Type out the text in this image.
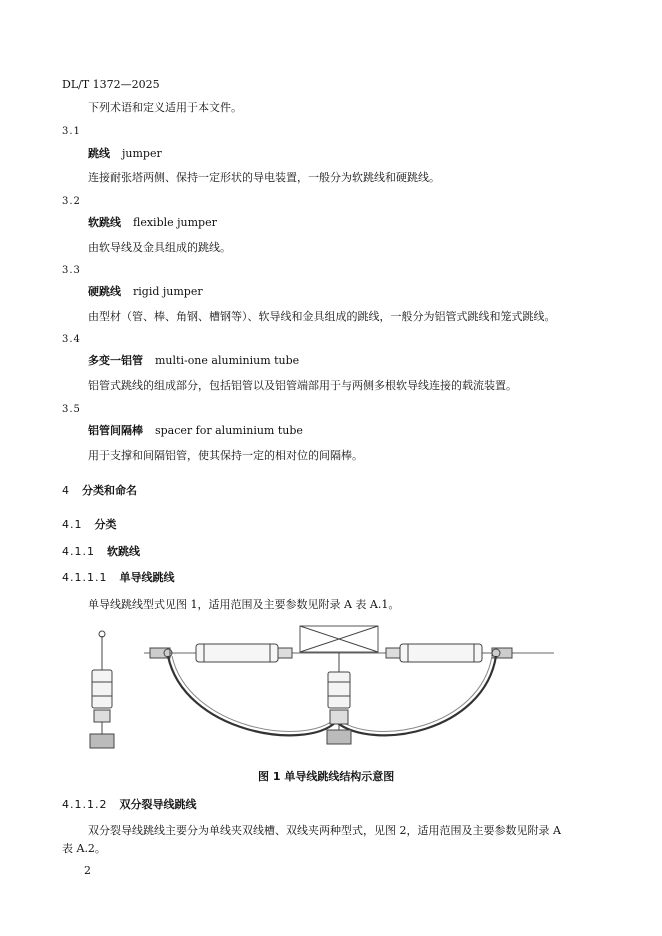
DL/T 1372—2025
下列术语和定义适用于本文件。
3.1
跳线 jumper
连接耐张塔两侧、保持一定形状的导电装置，一般分为软跳线和硬跳线。
3.2
软跳线 flexible jumper
由软导线及金具组成的跳线。
3.3
硬跳线 rigid jumper
由型材（管、棒、角钢、槽钢等）、软导线和金具组成的跳线，一般分为铝管式跳线和笼式跳线。
3.4
多变一铝管 multi-one aluminium tube
铝管式跳线的组成部分，包括铝管以及铝管端部用于与两侧多根软导线连接的载流装置。
3.5
铝管间隔棒 spacer for aluminium tube
用于支撑和间隔铝管，使其保持一定的相对位的间隔棒。
4 分类和命名
4.1 分类
4.1.1 软跳线
4.1.1.1 单导线跳线
单导线跳线型式见图 1，适用范围及主要参数见附录 A 表 A.1。
图 1 单导线跳线结构示意图
4.1.1.2 双分裂导线跳线
双分裂导线跳线主要分为单线夹双线槽、双线夹两种型式，见图 2，适用范围及主要参数见附录 A
表 A.2。
2
